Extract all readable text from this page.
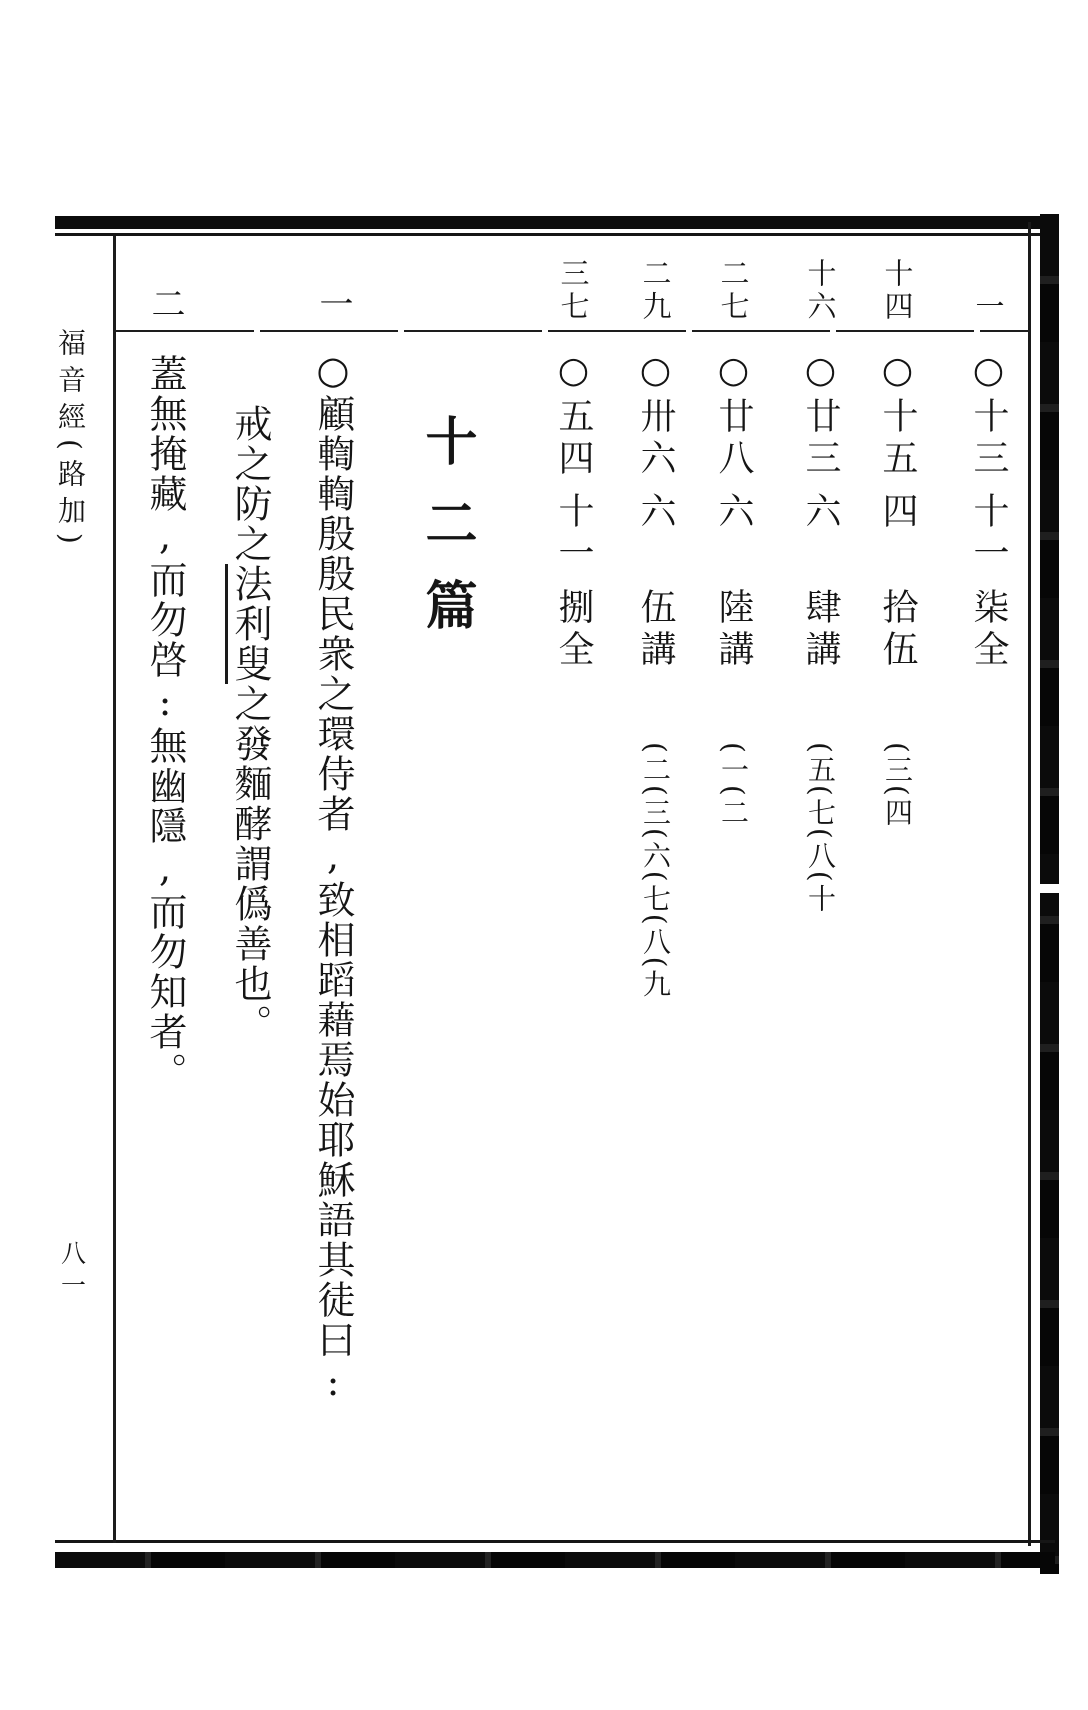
福音經(路加)
八一
一
○十三
十一
柒全
十四
○十五
四
拾伍
(三(四
十六
○廿三
六
肆講
(五(七(八(十
二七
○廿八
六
陸講
(一(二
二九
○卅六
六
伍講
(二(三(六(七(八(九
三七
○五四
十一
捌全
十二篇
一
○顧輷輷殷殷民衆之環侍者,致相蹈藉焉始耶穌語其徒曰:
戒之防之法利叟之發麵酵謂僞善也。
二
蓋無掩藏,而勿啓:無幽隱,而勿知者。
